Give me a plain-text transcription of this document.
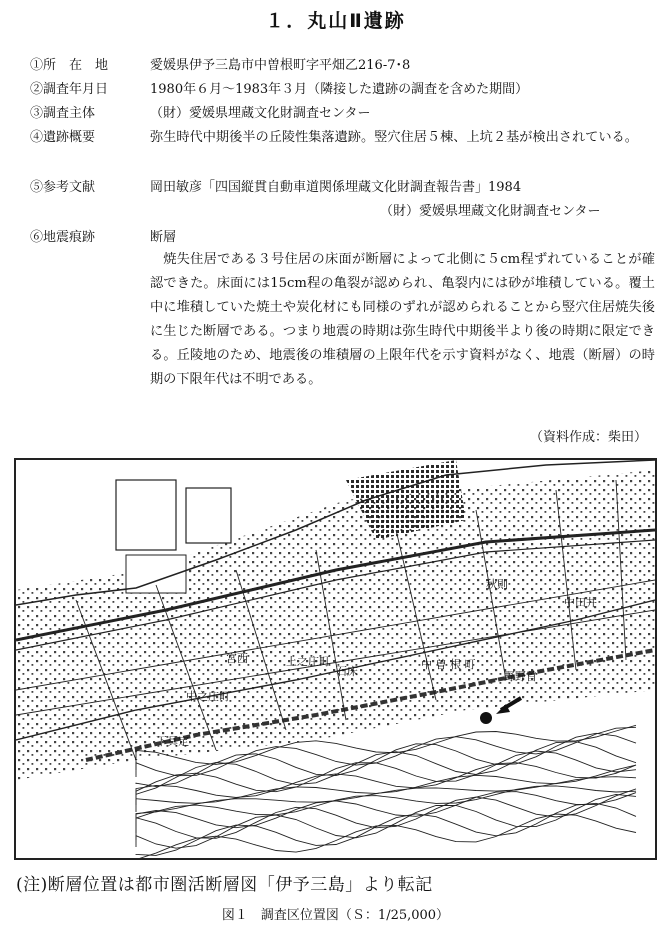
１．丸山Ⅱ遺跡
①所　在　地	愛媛県伊予三島市中曽根町字平畑乙216-7･8
②調査年月日	1980年６月～1983年３月（隣接した遺跡の調査を含めた期間）
③調査主体	（財）愛媛県埋蔵文化財調査センター
④遺跡概要	弥生時代中期後半の丘陵性集落遺跡。竪穴住居５棟、上坑２基が検出されている。
⑤参考文献	岡田敏彦「四国縦貫自動車道関係埋蔵文化財調査報告書」1984
（財）愛媛県埋蔵文化財調査センター
⑥地震痕跡	断層
焼失住居である３号住居の床面が断層によって北側に５cm程ずれていることが確認できた。床面には15cm程の亀裂が認められ、亀裂内には砂が堆積している。覆土中に堆積していた焼土や炭化材にも同様のずれが認められることから竪穴住居焼失後に生じた断層である。つまり地震の時期は弥生時代中期後半より後の時期に限定できる。丘陵地のため、地震後の堆積層の上限年代を示す資料がなく、地震（断層）の時期の下限年代は不明である。
（資料作成：柴田）
中 曽 根 町
上之庄町
中之庄町
下具定
野野首
秋則
中田井
宮西
石床
(注)断層位置は都市圏活断層図「伊予三島」より転記
図１　調査区位置図（Ｓ：1/25,000）
